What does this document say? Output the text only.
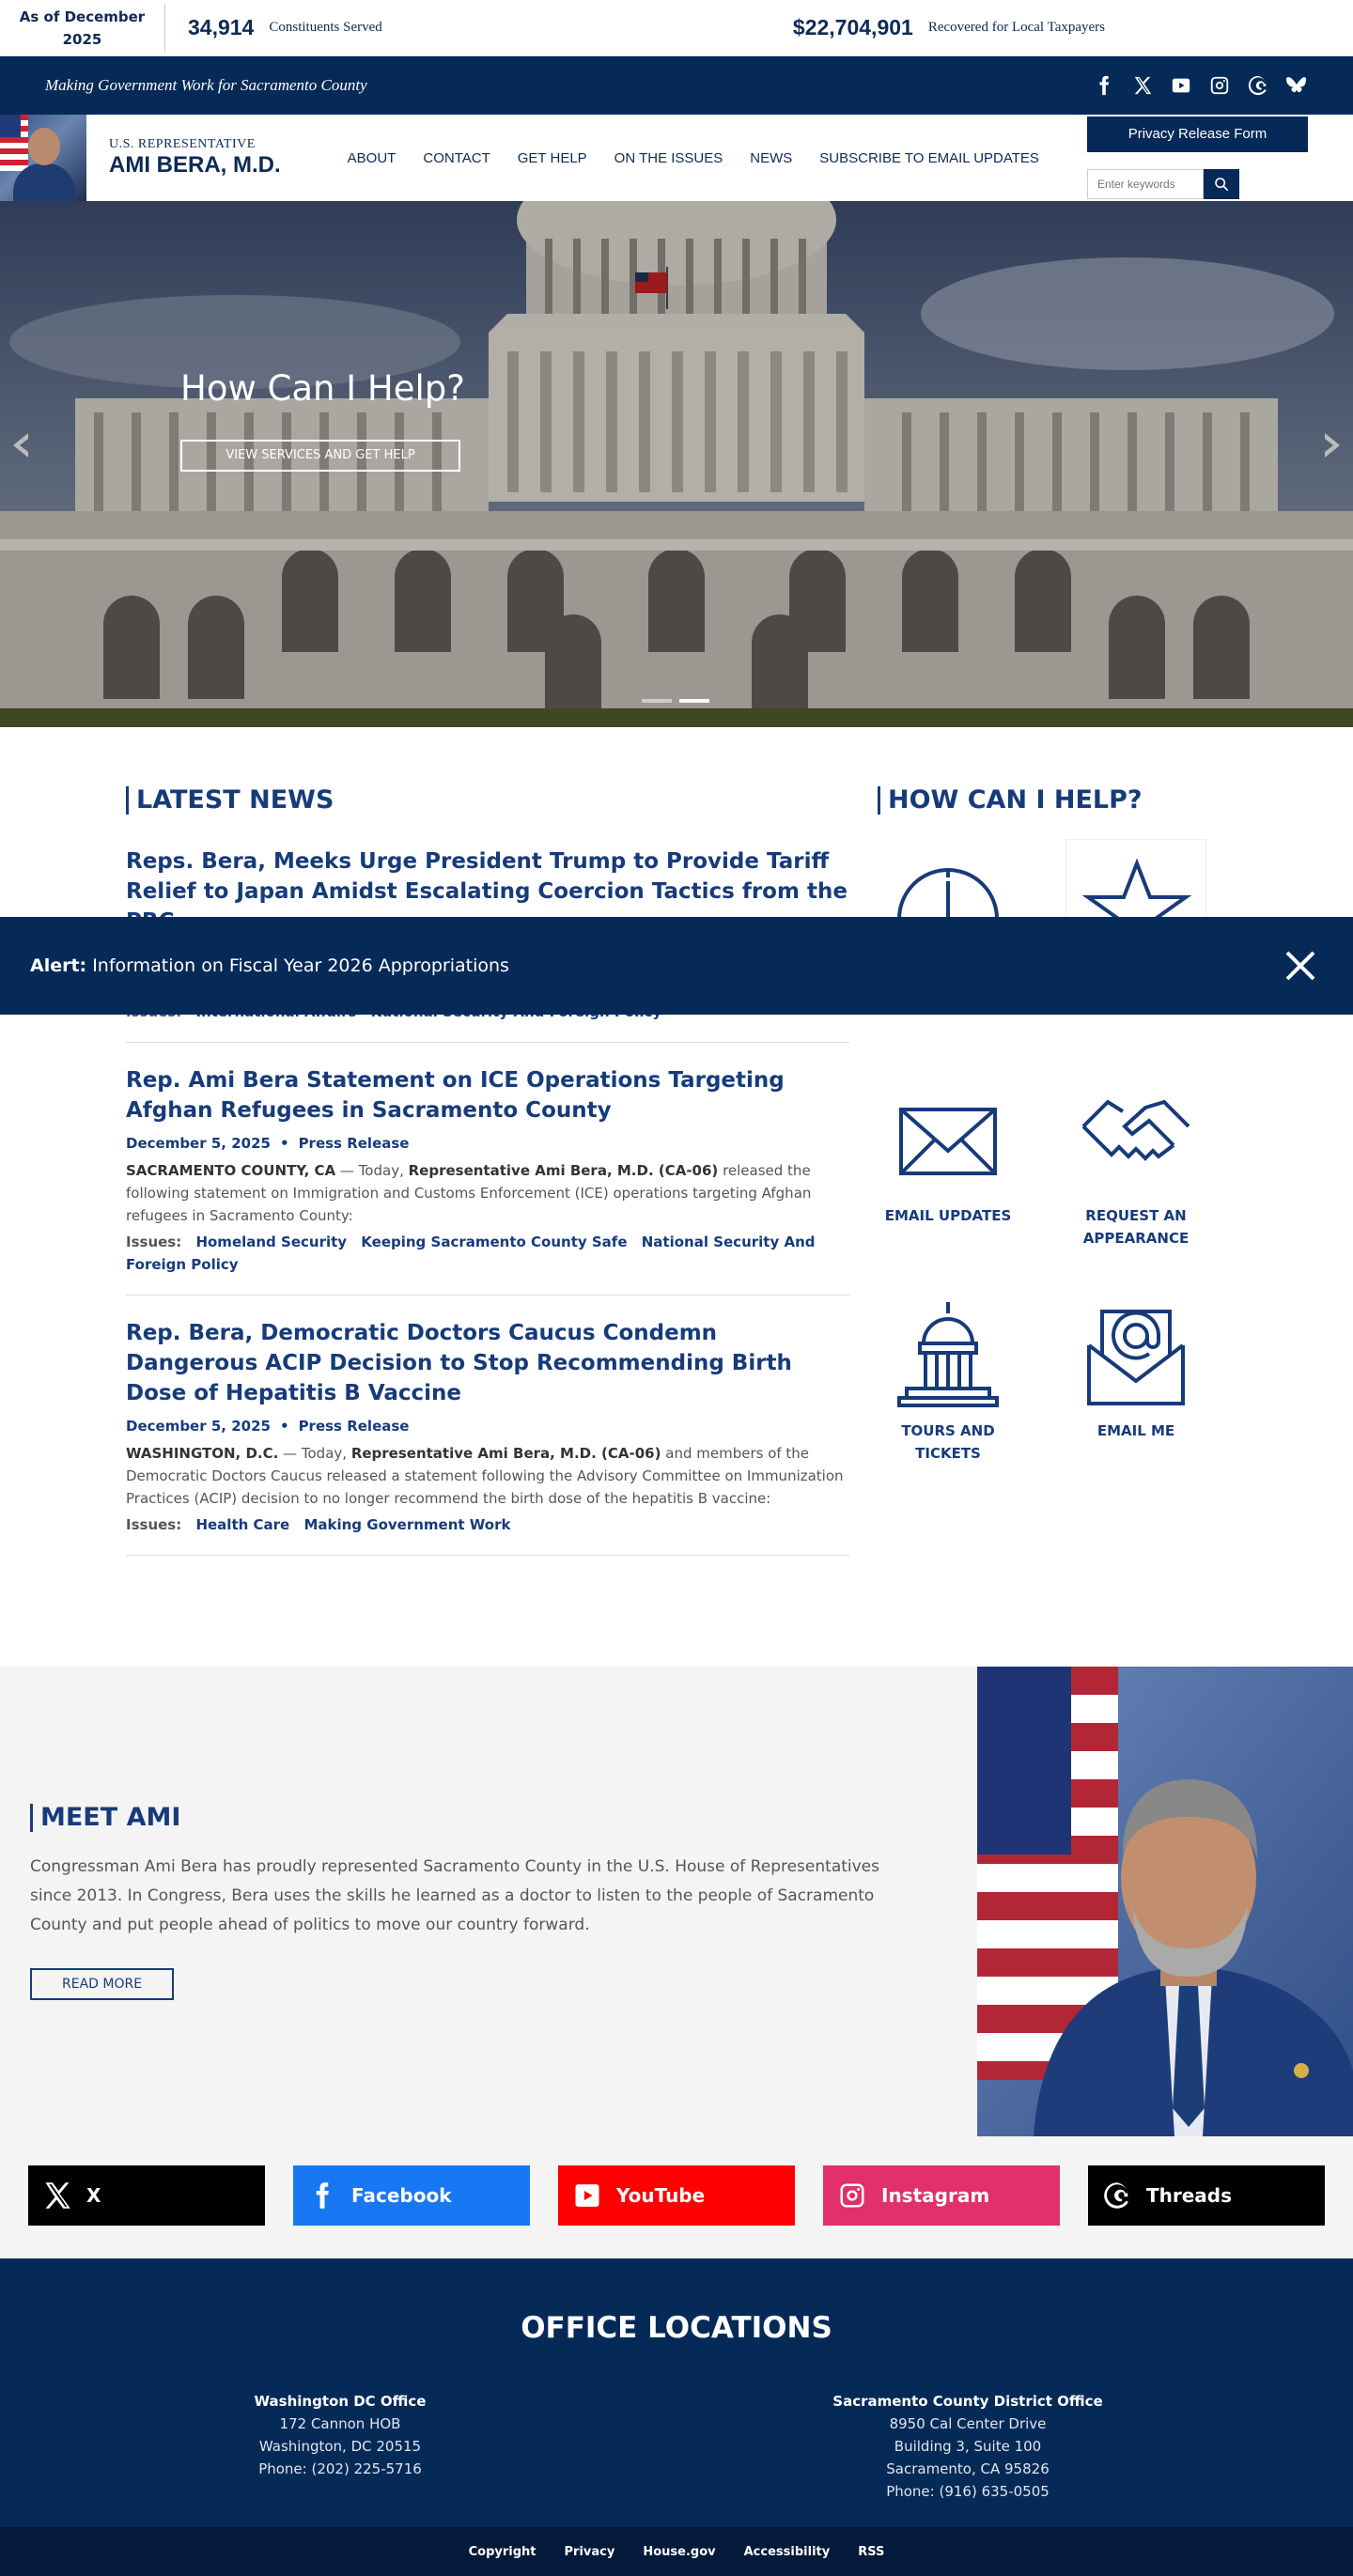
As of December
2025	34,914 Constituents Served	$22,704,901 Recovered for Local Taxpayers
Making Government Work for Sacramento County
U.S. REPRESENTATIVE
AMI BERA, M.D.	ABOUT CONTACT GET HELP ON THE ISSUES NEWS SUBSCRIBE TO EMAIL UPDATES
Privacy Release Form
Enter keywords
How Can I Help?
VIEW SERVICES AND GET HELP
LATEST NEWS
Reps. Bera, Meeks Urge President Trump to Provide Tariff Relief to Japan Amidst Escalating Coercion Tactics from the
Rep. Ami Bera Statement on ICE Operations Targeting Afghan Refugees in Sacramento County
December 5, 2025 • Press Release
SACRAMENTO COUNTY, CA — Today, Representative Ami Bera, M.D. (CA-06) released the following statement on Immigration and Customs Enforcement (ICE) operations targeting Afghan refugees in Sacramento County:
Issues: Homeland Security Keeping Sacramento County Safe National Security And Foreign Policy
Rep. Bera, Democratic Doctors Caucus Condemn Dangerous ACIP Decision to Stop Recommending Birth Dose of Hepatitis B Vaccine
December 5, 2025 • Press Release
WASHINGTON, D.C. — Today, Representative Ami Bera, M.D. (CA-06) and members of the Democratic Doctors Caucus released a statement following the Advisory Committee on Immunization Practices (ACIP) decision to no longer recommend the birth dose of the hepatitis B vaccine:
Issues: Health Care Making Government Work
HOW CAN I HELP?
EMAIL UPDATES	REQUEST AN APPEARANCE
TOURS AND TICKETS
EMAIL ME
Alert: Information on Fiscal Year 2026 Appropriations
MEET AMI

Congressman Ami Bera has proudly represented Sacramento County in the U.S. House of Representatives since 2013. In Congress, Bera uses the skills he learned as a doctor to listen to the people of Sacramento County and put people ahead of politics to move our country forward.

READ MORE
X	Facebook	YouTube	Instagram	Threads
OFFICE LOCATIONS
Washington DC Office
172 Cannon HOB
Washington, DC 20515
Phone: (202) 225-5716
Sacramento County District Office
8950 Cal Center Drive
Building 3, Suite 100
Sacramento, CA 95826
Phone: (916) 635-0505
Copyright Privacy House.gov Accessibility RSS
